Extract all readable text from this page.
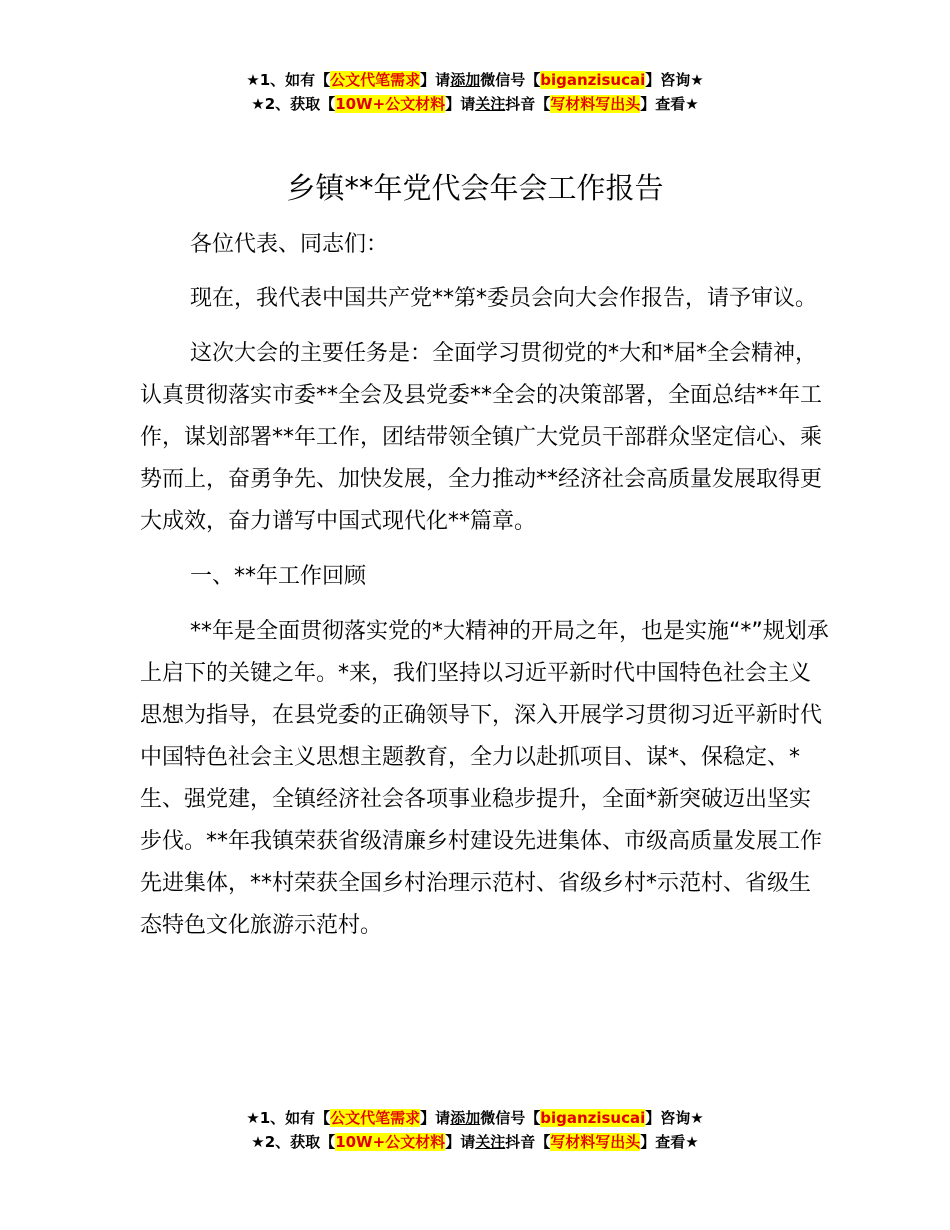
★1、如有【公文代笔需求】请添加微信号【biganzisucai】咨询★
★2、获取【10W+公文材料】请关注抖音【写材料写出头】查看★
乡镇**年党代会年会工作报告

各位代表、同志们：

现在，我代表中国共产党**第*委员会向大会作报告，请予审议。

这次大会的主要任务是：全面学习贯彻党的*大和*届*全会精神，认真贯彻落实市委**全会及县党委**全会的决策部署，全面总结**年工作，谋划部署**年工作，团结带领全镇广大党员干部群众坚定信心、乘势而上，奋勇争先、加快发展，全力推动**经济社会高质量发展取得更大成效，奋力谱写中国式现代化**篇章。

一、**年工作回顾

**年是全面贯彻落实党的*大精神的开局之年，也是实施“*”规划承上启下的关键之年。*来，我们坚持以习近平新时代中国特色社会主义思想为指导，在县党委的正确领导下，深入开展学习贯彻习近平新时代中国特色社会主义思想主题教育，全力以赴抓项目、谋*、保稳定、*生、强党建，全镇经济社会各项事业稳步提升，全面*新突破迈出坚实步伐。**年我镇荣获省级清廉乡村建设先进集体、市级高质量发展工作先进集体，**村荣获全国乡村治理示范村、省级乡村*示范村、省级生态特色文化旅游示范村。

★1、如有【公文代笔需求】请添加微信号【biganzisucai】咨询★
★2、获取【10W+公文材料】请关注抖音【写材料写出头】查看★
